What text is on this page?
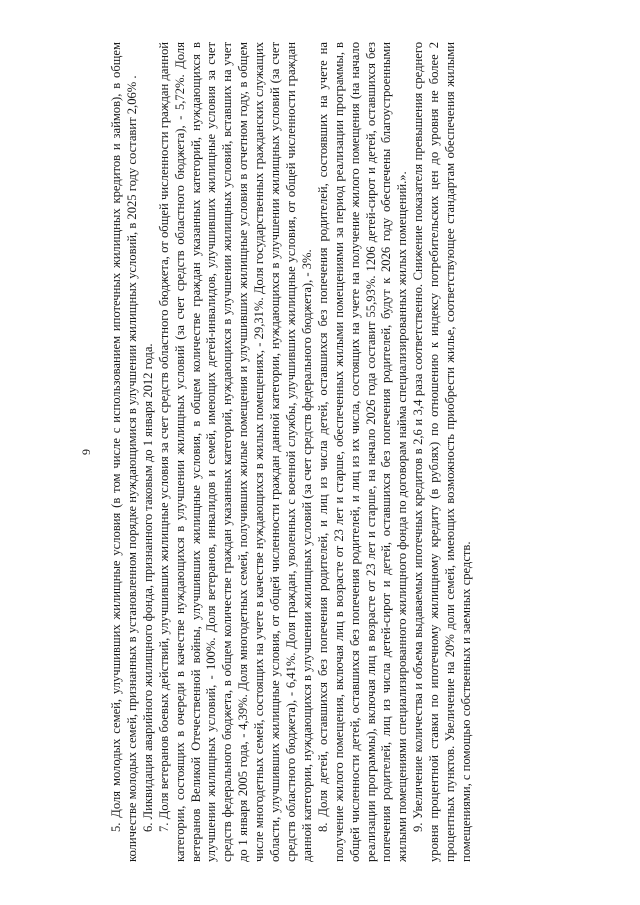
9 5. Доля молодых семей, улучшивших жилищные условия (в том числе с использованием ипотечных жилищных кредитов и займов), в общем количестве молодых семей, признанных в установленном порядке нуждающимися в улучшении жилищных условий, в 2025 году составит 2,06% . 6. Ликвидация аварийного жилищного фонда, признанного таковым до 1 января 2012 года. 7. Доля ветеранов боевых действий, улучшивших жилищные условия за счет средств областного бюджета, от общей численности граждан данной категории, состоящих в очереди в качестве нуждающихся в улучшении жилищных условий (за счет средств областного бюджета), - 5,72%. Доля ветеранов Великой Отечественной войны, улучшивших жилищные условия, в общем количестве граждан указанных категорий, нуждающихся в улучшении жилищных условий, - 100%. Доля ветеранов, инвалидов и семей, имеющих детей-инвалидов, улучшивших жилищные условия за счет средств федерального бюджета, в общем количестве граждан указанных категорий, нуждающихся в улучшении жилищных условий, вставших на учет до 1 января 2005 года, - 4,39%. Доля многодетных семей, получивших жилые помещения и улучшивших жилищные условия в отчетном году, в общем числе многодетных семей, состоящих на учете в качестве нуждающихся в жилых помещениях, - 29,31%. Доля государственных гражданских служащих области, улучшивших жилищные условия, от общей численности граждан данной категории, нуждающихся в улучшении жилищных условий (за счет средств областного бюджета), - 6,41%. Доля граждан, уволенных с военной службы, улучшивших жилищные условия, от общей численности граждан данной категории, нуждающихся в улучшении жилищных условий (за счет средств федерального бюджета), - 3%. 8. Доля детей, оставшихся без попечения родителей, и лиц из числа детей, оставшихся без попечения родителей, состоявших на учете на получение жилого помещения, включая лиц в возрасте от 23 лет и старше, обеспеченных жилыми помещениями за период реализации программы, в общей численности детей, оставшихся без попечения родителей, и лиц из их числа, состоящих на учете на получение жилого помещения (на начало реализации программы), включая лиц в возрасте от 23 лет и старше, на начало 2026 года составит 55,93%. 1206 детей-сирот и детей, оставшихся без попечения родителей, лиц из числа детей-сирот и детей, оставшихся без попечения родителей, будут к 2026 году обеспечены благоустроенными жилыми помещениями специализированного жилищного фонда по договорам найма специализированных жилых помещений.». 9. Увеличение количества и объема выдаваемых ипотечных кредитов в 2,6 и 3,4 раза соответственно. Снижение показателя превышения среднего уровня процентной ставки по ипотечному жилищному кредиту (в рублях) по отношению к индексу потребительских цен до уровня не более 2 процентных пунктов. Увеличение на 20% доли семей, имеющих возможность приобрести жилье, соответствующее стандартам обеспечения жилыми помещениями, с помощью собственных и заемных средств.
